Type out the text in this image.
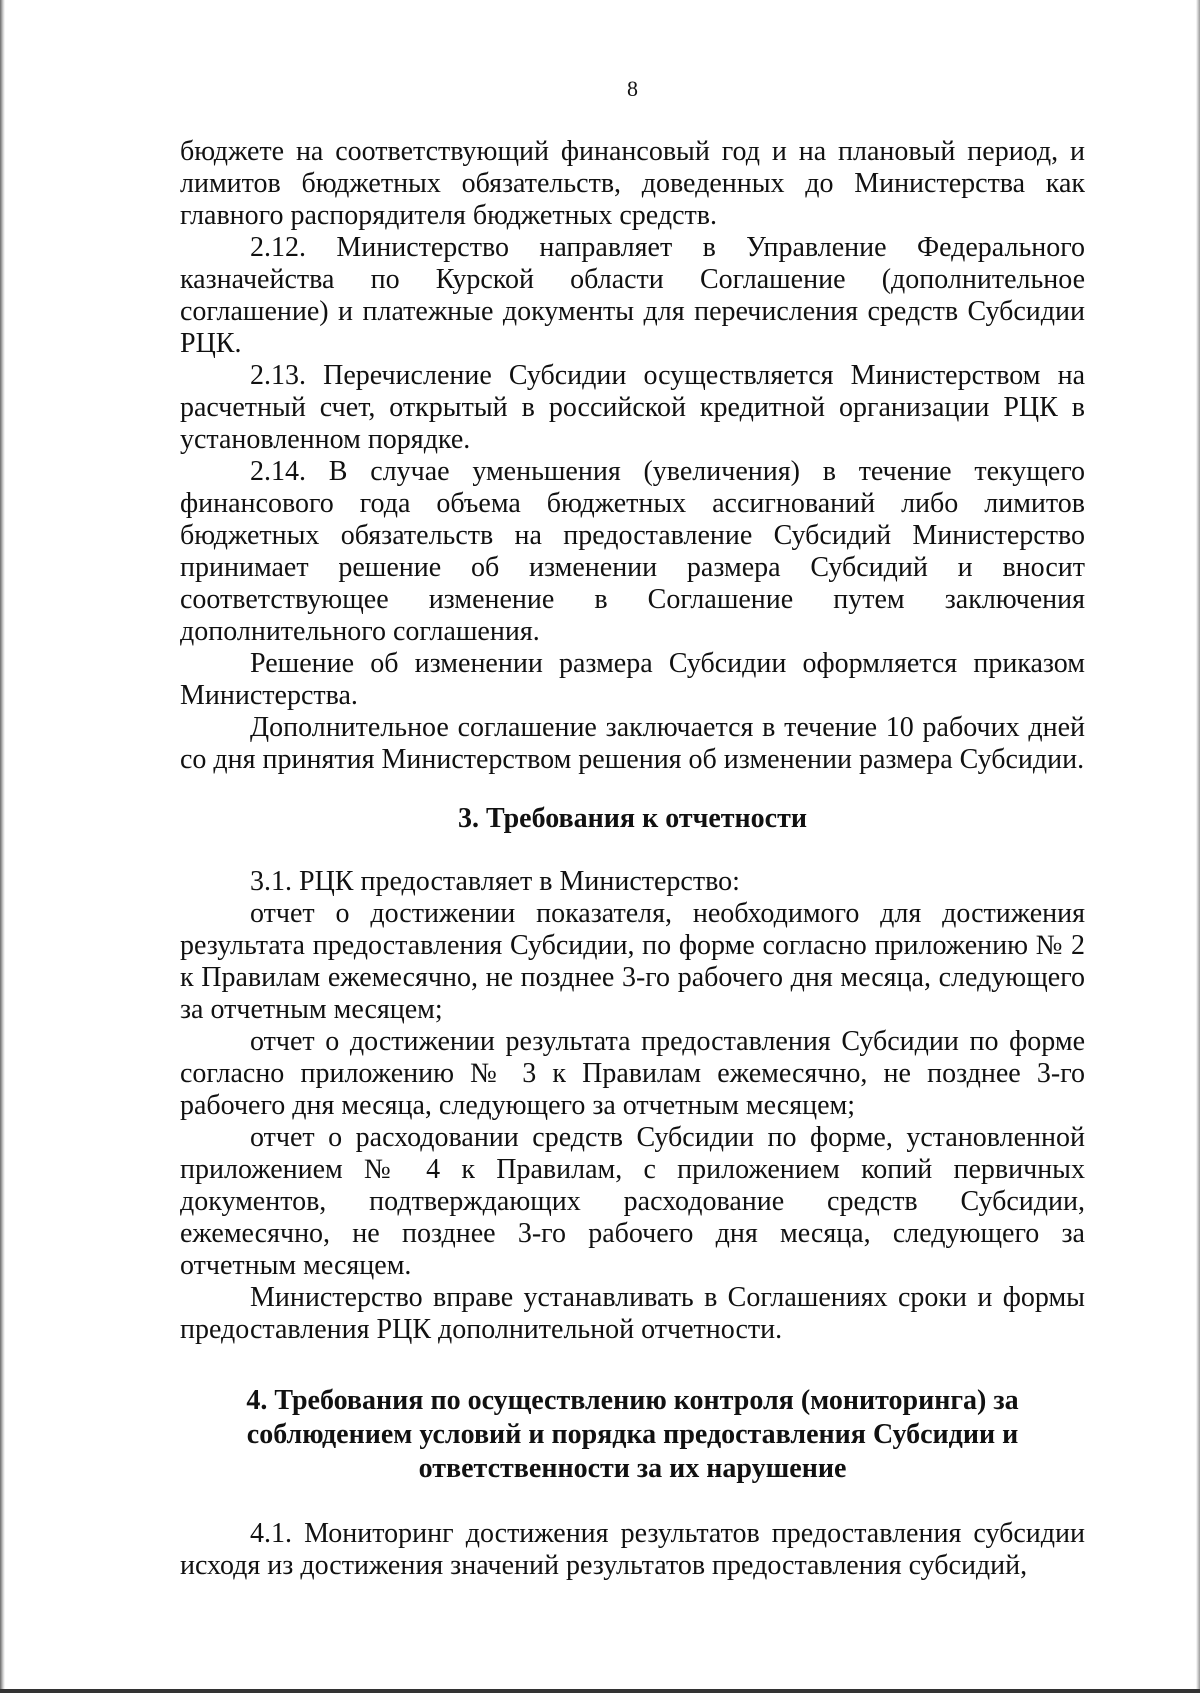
8

бюджете на соответствующий финансовый год и на плановый период, и лимитов бюджетных обязательств, доведенных до Министерства как главного распорядителя бюджетных средств.

2.12. Министерство направляет в Управление Федерального казначейства по Курской области Соглашение (дополнительное соглашение) и платежные документы для перечисления средств Субсидии РЦК.

2.13. Перечисление Субсидии осуществляется Министерством на расчетный счет, открытый в российской кредитной организации РЦК в установленном порядке.

2.14. В случае уменьшения (увеличения) в течение текущего финансового года объема бюджетных ассигнований либо лимитов бюджетных обязательств на предоставление Субсидий Министерство принимает решение об изменении размера Субсидий и вносит соответствующее изменение в Соглашение путем заключения дополнительного соглашения.

Решение об изменении размера Субсидии оформляется приказом Министерства.

Дополнительное соглашение заключается в течение 10 рабочих дней со дня принятия Министерством решения об изменении размера Субсидии.

3. Требования к отчетности

3.1. РЦК предоставляет в Министерство:

отчет о достижении показателя, необходимого для достижения результата предоставления Субсидии, по форме согласно приложению № 2 к Правилам ежемесячно, не позднее 3-го рабочего дня месяца, следующего за отчетным месяцем;

отчет о достижении результата предоставления Субсидии по форме согласно приложению № 3 к Правилам ежемесячно, не позднее 3-го рабочего дня месяца, следующего за отчетным месяцем;

отчет о расходовании средств Субсидии по форме, установленной приложением № 4 к Правилам, с приложением копий первичных документов, подтверждающих расходование средств Субсидии, ежемесячно, не позднее 3-го рабочего дня месяца, следующего за отчетным месяцем.

Министерство вправе устанавливать в Соглашениях сроки и формы предоставления РЦК дополнительной отчетности.

4. Требования по осуществлению контроля (мониторинга) за
соблюдением условий и порядка предоставления Субсидии и
ответственности за их нарушение

4.1. Мониторинг достижения результатов предоставления субсидии исходя из достижения значений результатов предоставления субсидий,
